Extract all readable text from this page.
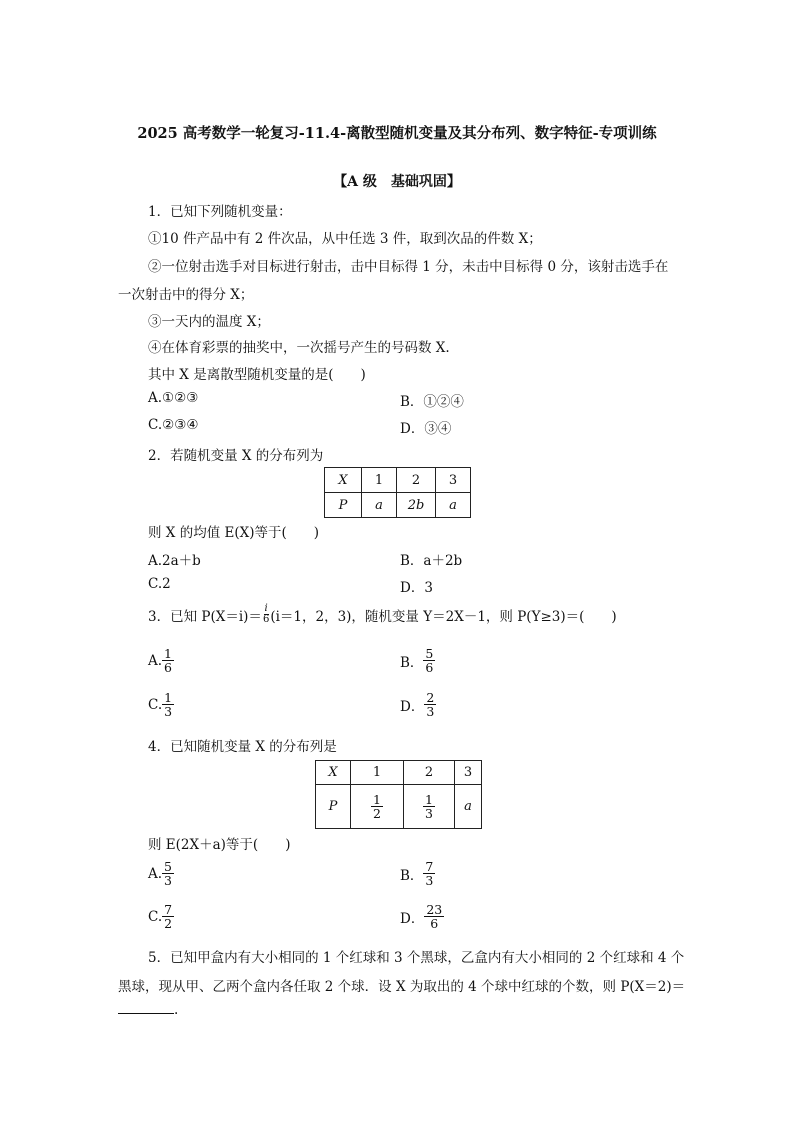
2025 高考数学一轮复习-11.4-离散型随机变量及其分布列、数字特征-专项训练
【A 级　基础巩固】
1．已知下列随机变量：
①10 件产品中有 2 件次品，从中任选 3 件，取到次品的件数 X；
②一位射击选手对目标进行射击，击中目标得 1 分，未击中目标得 0 分，该射击选手在
一次射击中的得分 X；
③一天内的温度 X；
④在体育彩票的抽奖中，一次摇号产生的号码数 X.
其中 X 是离散型随机变量的是(　　)
A.①②③	B．①②④
C.②③④	D．③④
2．若随机变量 X 的分布列为
X	1	2	3
P	a	2b	a
则 X 的均值 E(X)等于(　　)
A.2a＋b	B．a＋2b
C.2	D．3
3．已知 $P(X=i)= \frac{i}{6} (i=1$，2，3)，随机变量 Y＝2X－1，则 P(Y≥3)＝(　　)
A. $\frac{1}{6}$	B． $\frac{5}{6}$
C. $\frac{1}{3}$	D． $\frac{2}{3}$
4．已知随机变量 X 的分布列是
X	1	2	3
P	$\frac{1}{2}$	$\frac{1}{3}$	a
则 E(2X＋a)等于(　　)
A. $\frac{5}{3}$	B． $\frac{7}{3}$
C. $\frac{7}{2}$	D． $\frac{23}{6}$
5．已知甲盒内有大小相同的 1 个红球和 3 个黑球，乙盒内有大小相同的 2 个红球和 4 个
黑球，现从甲、乙两个盒内各任取 2 个球．设 X 为取出的 4 个球中红球的个数，则 P(X＝2)＝
.
